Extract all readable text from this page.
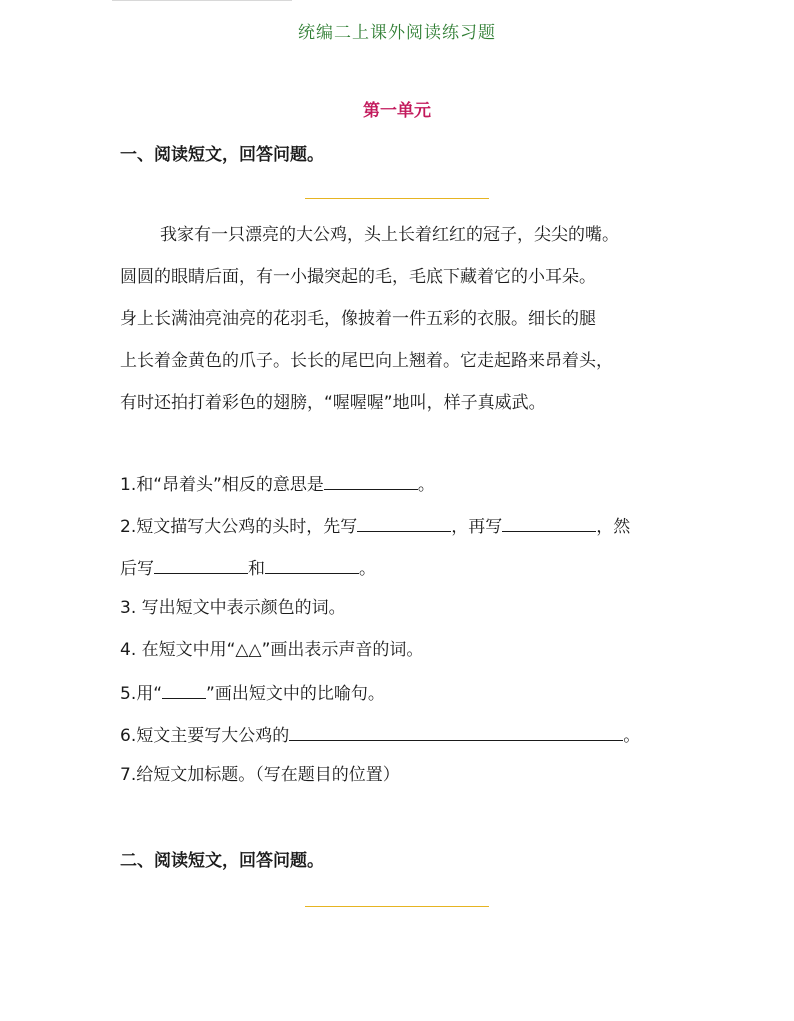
统编二上课外阅读练习题
第一单元
一、阅读短文，回答问题。
我家有一只漂亮的大公鸡，头上长着红红的冠子，尖尖的嘴。
圆圆的眼睛后面，有一小撮突起的毛，毛底下藏着它的小耳朵。
身上长满油亮油亮的花羽毛，像披着一件五彩的衣服。细长的腿
上长着金黄色的爪子。长长的尾巴向上翘着。它走起路来昂着头，
有时还拍打着彩色的翅膀，“喔喔喔”地叫，样子真威武。
1.和“昂着头”相反的意思是	。
2.短文描写大公鸡的头时，先写	，再写	，然
后写	和	。
3. 写出短文中表示颜色的词。
4. 在短文中用“△△”画出表示声音的词。
5.用“	”画出短文中的比喻句。
6.短文主要写大公鸡的	。
7.给短文加标题。（写在题目的位置）
二、阅读短文，回答问题。
